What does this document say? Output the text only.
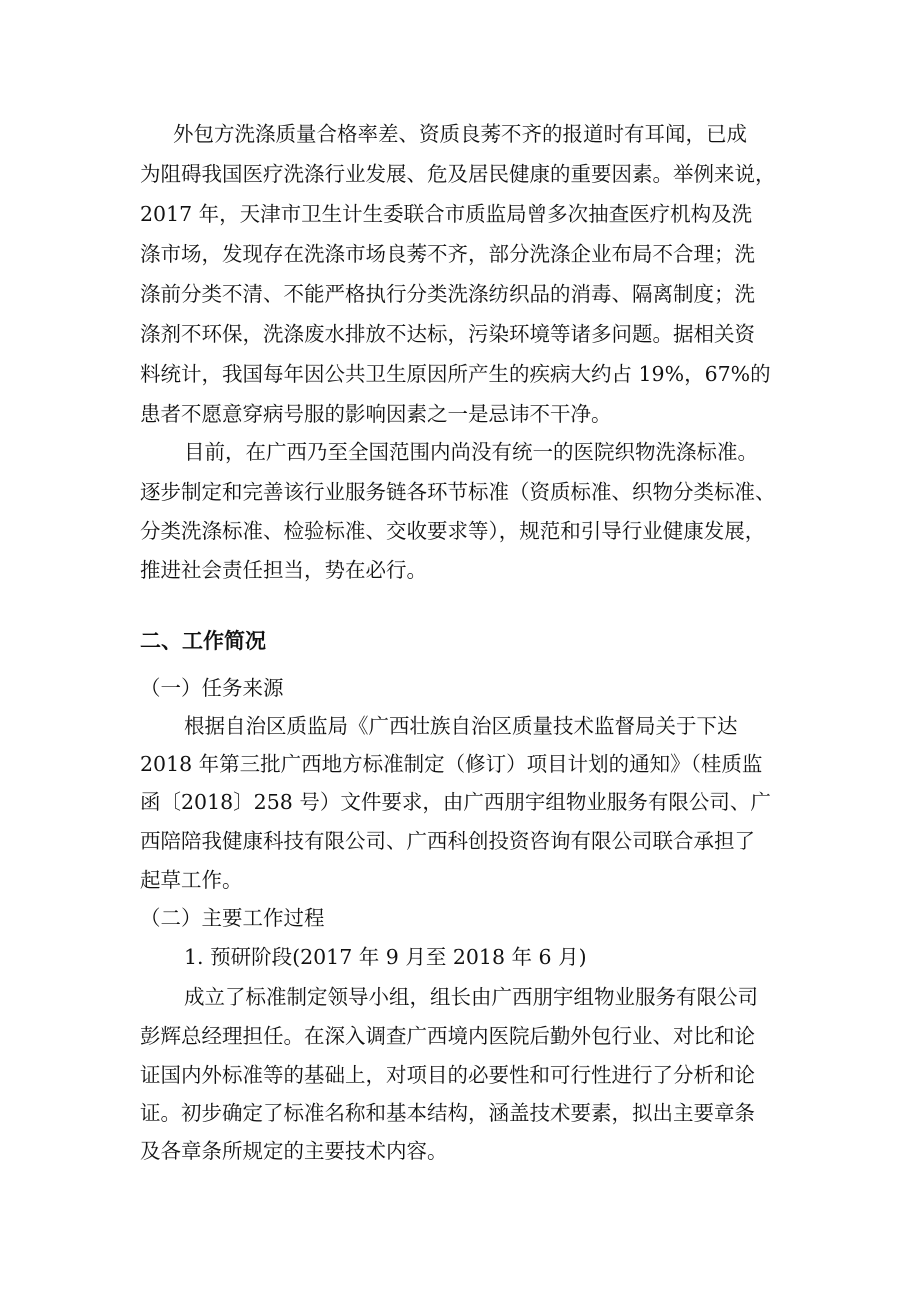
外包方洗涤质量合格率差、资质良莠不齐的报道时有耳闻，已成
为阻碍我国医疗洗涤行业发展、危及居民健康的重要因素。举例来说，
2017 年，天津市卫生计生委联合市质监局曾多次抽查医疗机构及洗
涤市场，发现存在洗涤市场良莠不齐，部分洗涤企业布局不合理；洗
涤前分类不清、不能严格执行分类洗涤纺织品的消毒、隔离制度；洗
涤剂不环保，洗涤废水排放不达标，污染环境等诸多问题。据相关资
料统计，我国每年因公共卫生原因所产生的疾病大约占 19%，67%的
患者不愿意穿病号服的影响因素之一是忌讳不干净。
目前，在广西乃至全国范围内尚没有统一的医院织物洗涤标准。
逐步制定和完善该行业服务链各环节标准（资质标准、织物分类标准、
分类洗涤标准、检验标准、交收要求等），规范和引导行业健康发展，
推进社会责任担当，势在必行。
二、工作简况
（一）任务来源
根据自治区质监局《广西壮族自治区质量技术监督局关于下达
2018 年第三批广西地方标准制定（修订）项目计划的通知》（桂质监
函〔2018〕258 号）文件要求，由广西朋宇组物业服务有限公司、广
西陪陪我健康科技有限公司、广西科创投资咨询有限公司联合承担了
起草工作。
（二）主要工作过程
1. 预研阶段(2017 年 9 月至 2018 年 6 月)
成立了标准制定领导小组，组长由广西朋宇组物业服务有限公司
彭辉总经理担任。在深入调查广西境内医院后勤外包行业、对比和论
证国内外标准等的基础上，对项目的必要性和可行性进行了分析和论
证。初步确定了标准名称和基本结构，涵盖技术要素，拟出主要章条
及各章条所规定的主要技术内容。
